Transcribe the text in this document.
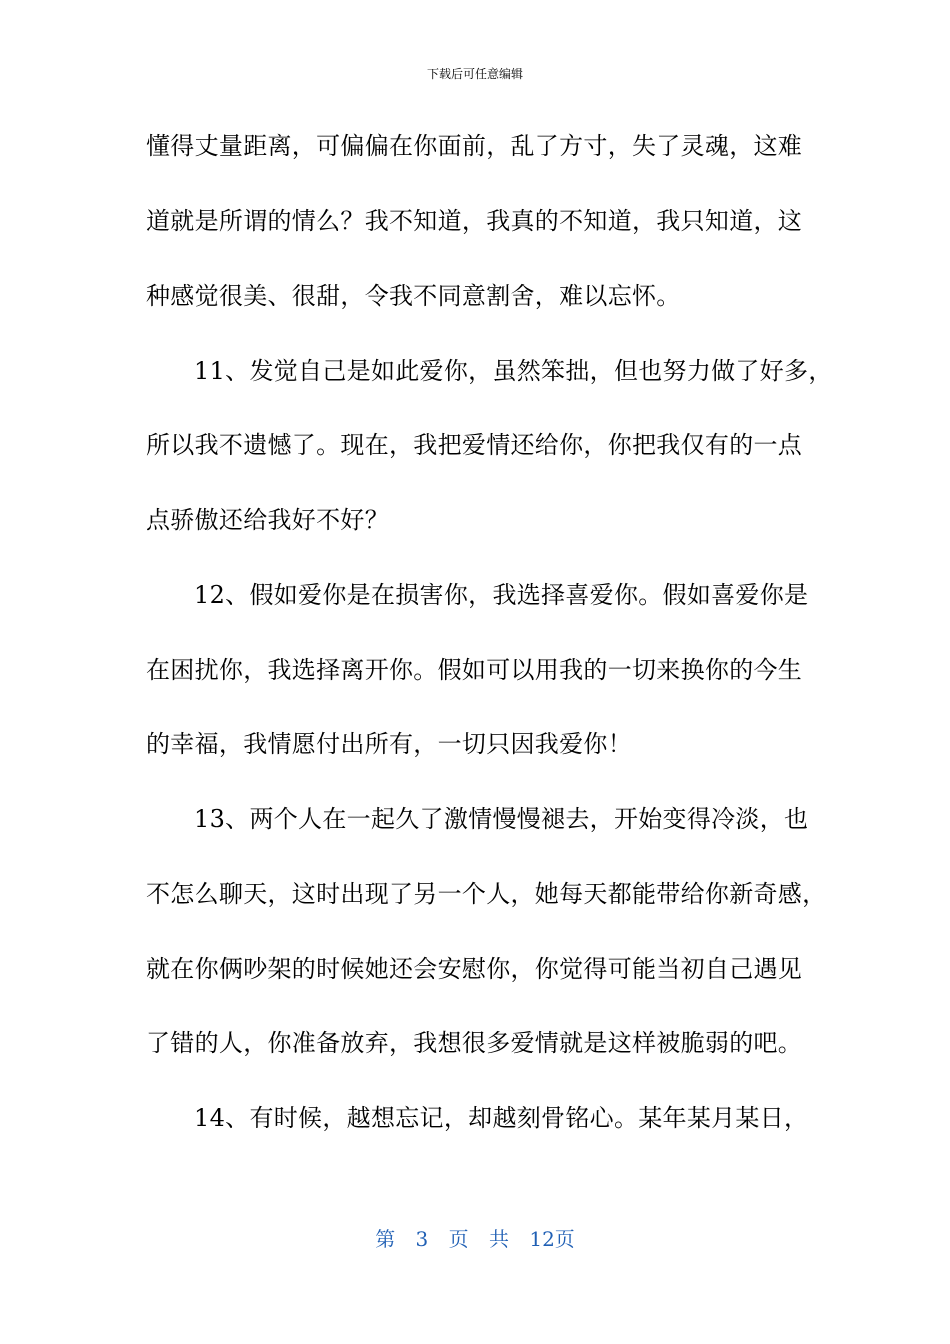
下载后可任意编辑
懂得丈量距离，可偏偏在你面前，乱了方寸，失了灵魂，这难
道就是所谓的情么？我不知道，我真的不知道，我只知道，这
种感觉很美、很甜，令我不同意割舍，难以忘怀。
11、发觉自己是如此爱你，虽然笨拙，但也努力做了好多，
所以我不遗憾了。现在，我把爱情还给你，你把我仅有的一点
点骄傲还给我好不好？
12、假如爱你是在损害你，我选择喜爱你。假如喜爱你是
在困扰你，我选择离开你。假如可以用我的一切来换你的今生
的幸福，我情愿付出所有，一切只因我爱你！
13、两个人在一起久了激情慢慢褪去，开始变得冷淡，也
不怎么聊天，这时出现了另一个人，她每天都能带给你新奇感，
就在你俩吵架的时候她还会安慰你，你觉得可能当初自己遇见
了错的人，你准备放弃，我想很多爱情就是这样被脆弱的吧。
14、有时候，越想忘记，却越刻骨铭心。某年某月某日，
第 3 页 共 12页
